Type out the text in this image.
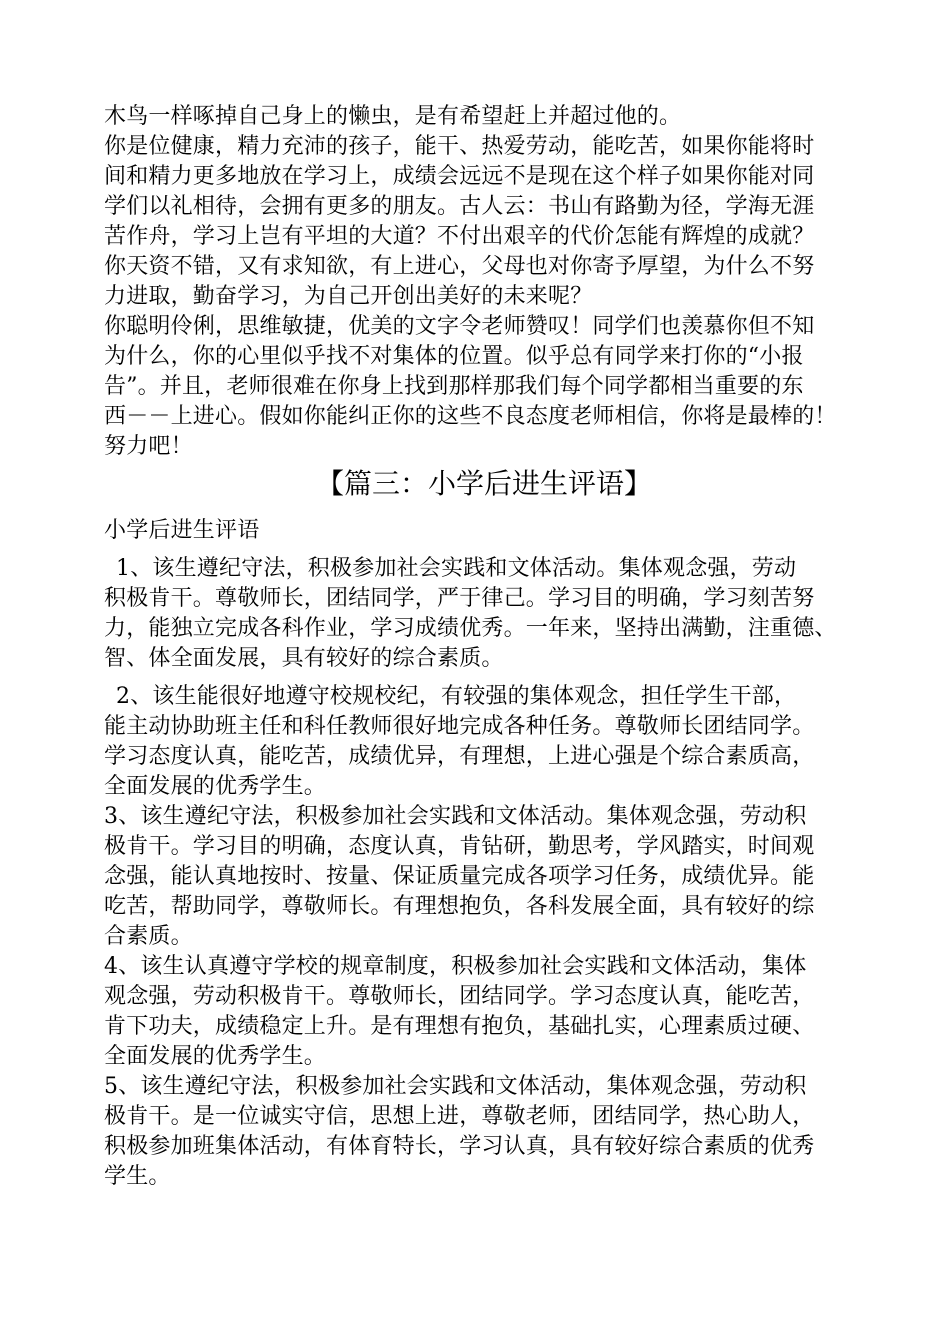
木鸟一样啄掉自己身上的懒虫，是有希望赶上并超过他的。
你是位健康，精力充沛的孩子，能干、热爱劳动，能吃苦，如果你能将时
间和精力更多地放在学习上，成绩会远远不是现在这个样子如果你能对同
学们以礼相待，会拥有更多的朋友。古人云：书山有路勤为径，学海无涯
苦作舟，学习上岂有平坦的大道？不付出艰辛的代价怎能有辉煌的成就？
你天资不错，又有求知欲，有上进心，父母也对你寄予厚望，为什么不努
力进取，勤奋学习，为自己开创出美好的未来呢？
你聪明伶俐，思维敏捷，优美的文字令老师赞叹！同学们也羡慕你但不知
为什么，你的心里似乎找不对集体的位置。似乎总有同学来打你的“小报
告”。并且，老师很难在你身上找到那样那我们每个同学都相当重要的东
西－－上进心。假如你能纠正你的这些不良态度老师相信，你将是最棒的！
努力吧！
【篇三：小学后进生评语】
小学后进生评语
1、该生遵纪守法，积极参加社会实践和文体活动。集体观念强，劳动
积极肯干。尊敬师长，团结同学，严于律己。学习目的明确，学习刻苦努
力，能独立完成各科作业，学习成绩优秀。一年来，坚持出满勤，注重德、
智、体全面发展，具有较好的综合素质。
2、该生能很好地遵守校规校纪，有较强的集体观念，担任学生干部，
能主动协助班主任和科任教师很好地完成各种任务。尊敬师长团结同学。
学习态度认真，能吃苦，成绩优异，有理想，上进心强是个综合素质高，
全面发展的优秀学生。
3、该生遵纪守法，积极参加社会实践和文体活动。集体观念强，劳动积
极肯干。学习目的明确，态度认真，肯钻研，勤思考，学风踏实，时间观
念强，能认真地按时、按量、保证质量完成各项学习任务，成绩优异。能
吃苦，帮助同学，尊敬师长。有理想抱负，各科发展全面，具有较好的综
合素质。
4、该生认真遵守学校的规章制度，积极参加社会实践和文体活动，集体
观念强，劳动积极肯干。尊敬师长，团结同学。学习态度认真，能吃苦，
肯下功夫，成绩稳定上升。是有理想有抱负，基础扎实，心理素质过硬、
全面发展的优秀学生。
5、该生遵纪守法，积极参加社会实践和文体活动，集体观念强，劳动积
极肯干。是一位诚实守信，思想上进，尊敬老师，团结同学，热心助人，
积极参加班集体活动，有体育特长，学习认真，具有较好综合素质的优秀
学生。
